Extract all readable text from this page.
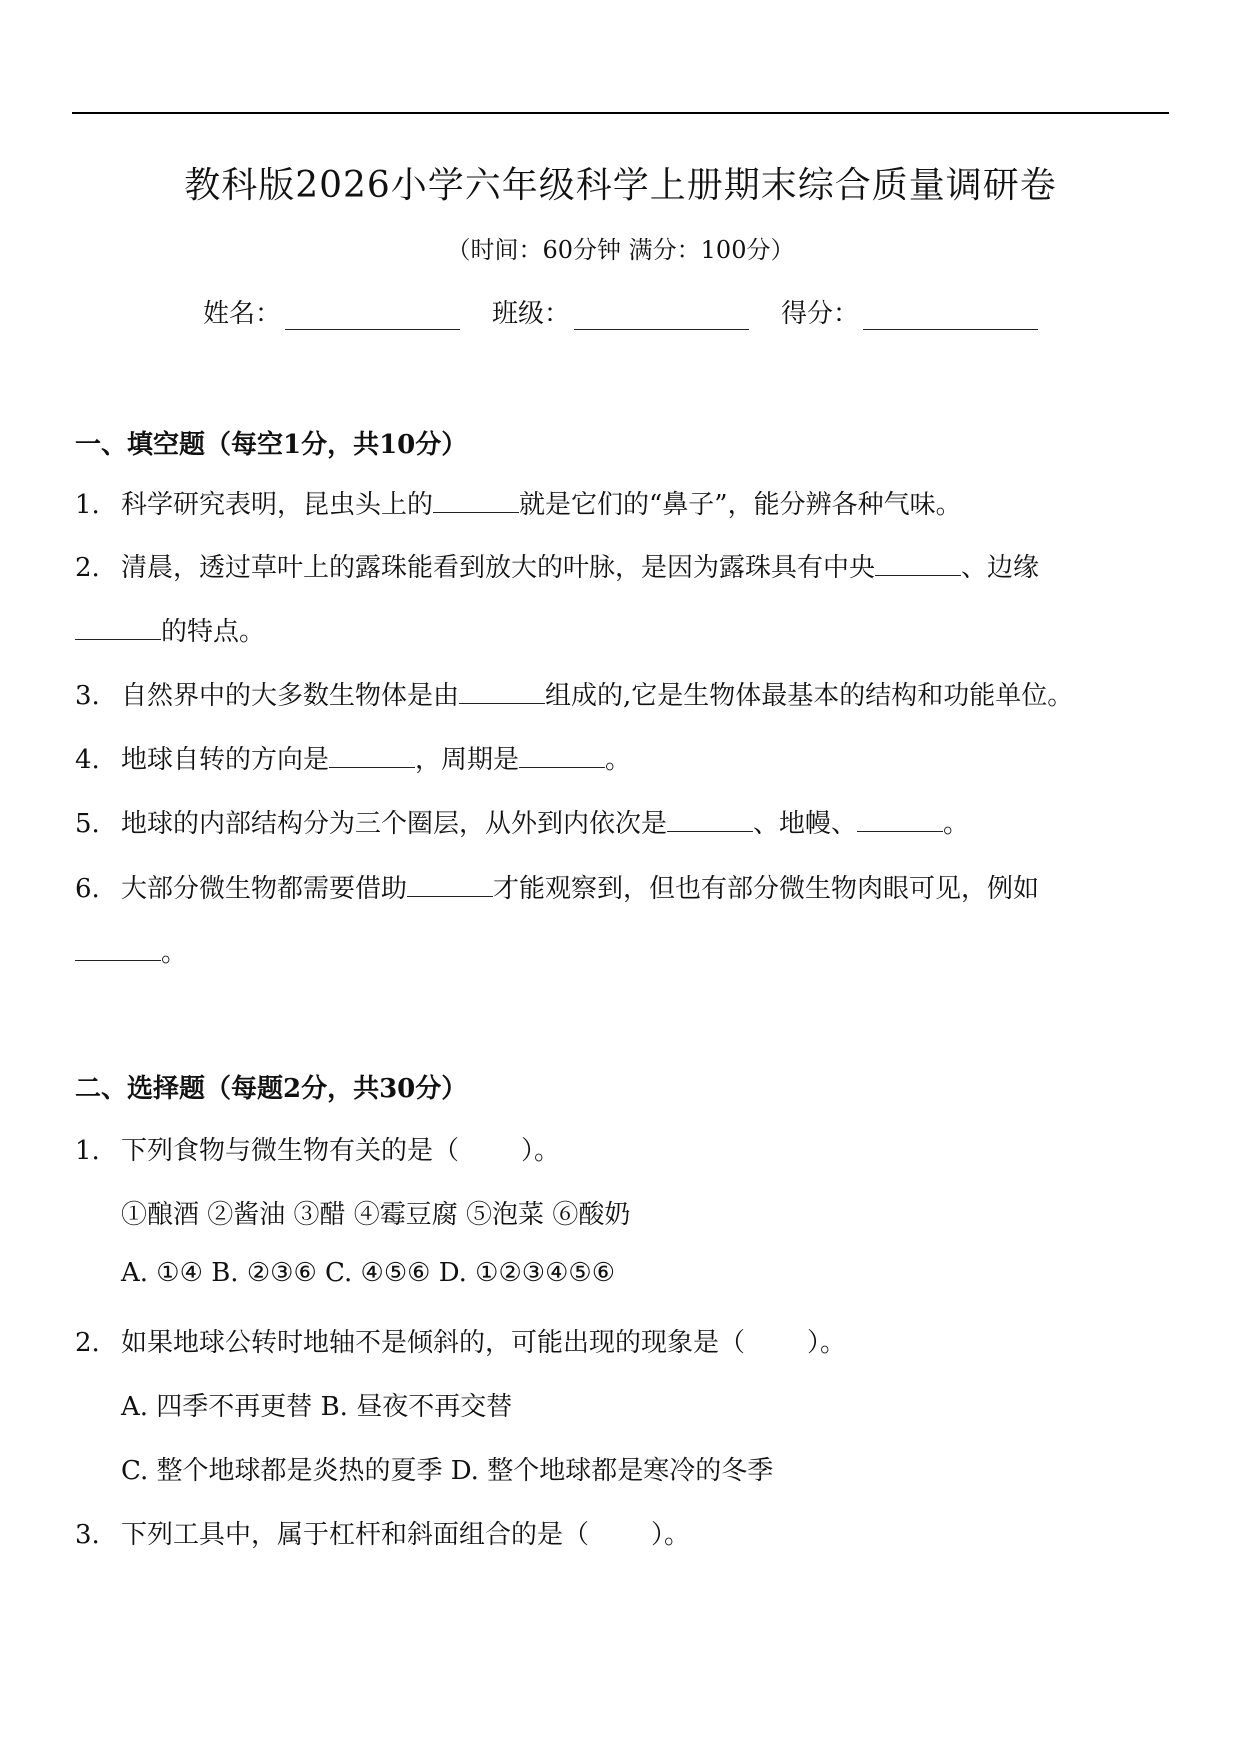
教科版2026小学六年级科学上册期末综合质量调研卷
（时间：60分钟 满分：100分）
姓名：	班级：	得分：
一、填空题（每空1分，共10分）
1. 科学研究表明，昆虫头上的	就是它们的“鼻子”，能分辨各种气味。
2. 清晨，透过草叶上的露珠能看到放大的叶脉，是因为露珠具有中央	、边缘
的特点。
3. 自然界中的大多数生物体是由	组成的,它是生物体最基本的结构和功能单位。
4. 地球自转的方向是	，周期是	。
5. 地球的内部结构分为三个圈层，从外到内依次是	、地幔、	。
6. 大部分微生物都需要借助	才能观察到，但也有部分微生物肉眼可见，例如
。
二、选择题（每题2分，共30分）
1. 下列食物与微生物有关的是（ ）。
①酿酒 ②酱油 ③醋 ④霉豆腐 ⑤泡菜 ⑥酸奶
A. ①④ B. ②③⑥ C. ④⑤⑥ D. ①②③④⑤⑥
2. 如果地球公转时地轴不是倾斜的，可能出现的现象是（ ）。
A. 四季不再更替 B. 昼夜不再交替
C. 整个地球都是炎热的夏季 D. 整个地球都是寒冷的冬季
3. 下列工具中，属于杠杆和斜面组合的是（ ）。
